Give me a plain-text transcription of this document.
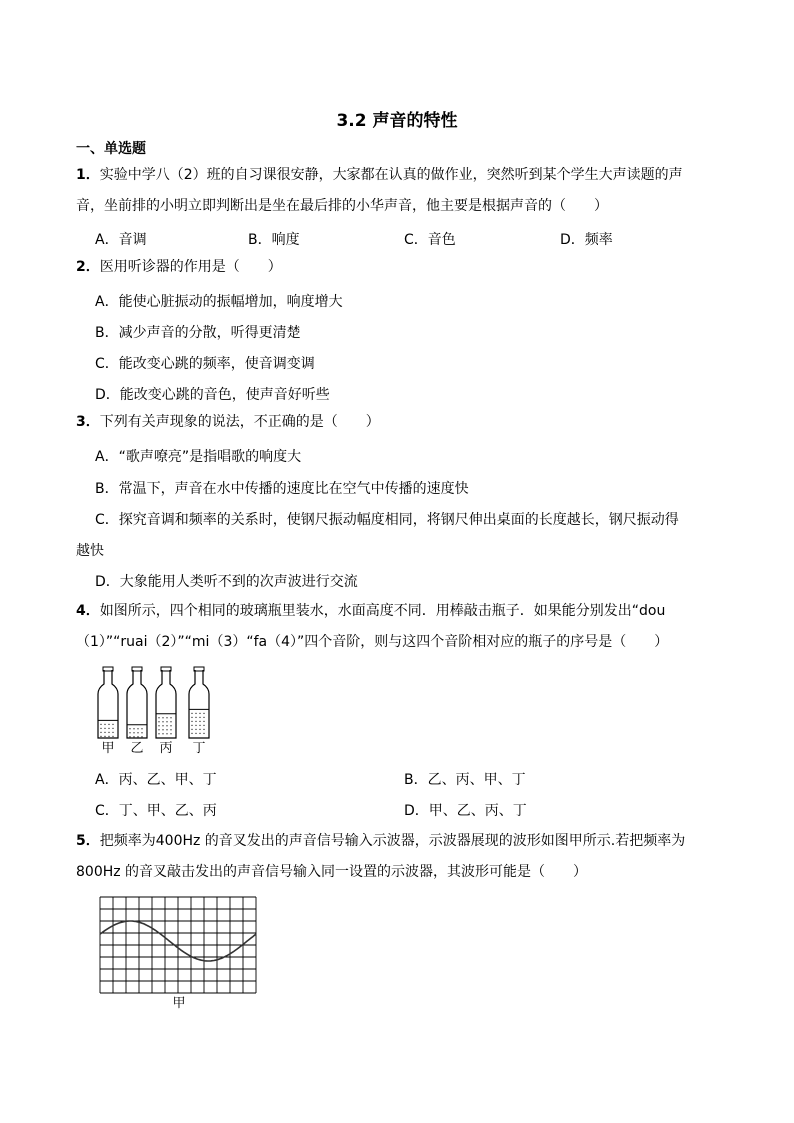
3.2 声音的特性
一、单选题
1．实验中学八（2）班的自习课很安静，大家都在认真的做作业，突然听到某个学生大声读题的声
音，坐前排的小明立即判断出是坐在最后排的小华声音，他主要是根据声音的（　　）
A．音调	B．响度	C．音色	D．频率
2．医用听诊器的作用是（　　）
A．能使心脏振动的振幅增加，响度增大
B．减少声音的分散，听得更清楚
C．能改变心跳的频率，使音调变调
D．能改变心跳的音色，使声音好听些
3．下列有关声现象的说法，不正确的是（　　）
A．“歌声嘹亮”是指唱歌的响度大
B．常温下，声音在水中传播的速度比在空气中传播的速度快
C．探究音调和频率的关系时，使钢尺振动幅度相同，将钢尺伸出桌面的长度越长，钢尺振动得
越快
D．大象能用人类听不到的次声波进行交流
4．如图所示，四个相同的玻璃瓶里装水，水面高度不同．用棒敲击瓶子．如果能分别发出“dou
（1）”“ruai（2）”“mi（3）“fa（4）”四个音阶，则与这四个音阶相对应的瓶子的序号是（　　）
甲 乙 丙 丁
A．丙、乙、甲、丁	B．乙、丙、甲、丁
C．丁、甲、乙、丙	D．甲、乙、丙、丁
5．把频率为400Hz 的音叉发出的声音信号输入示波器，示波器展现的波形如图甲所示.若把频率为
800Hz 的音叉敲击发出的声音信号输入同一设置的示波器，其波形可能是（　　）
甲
